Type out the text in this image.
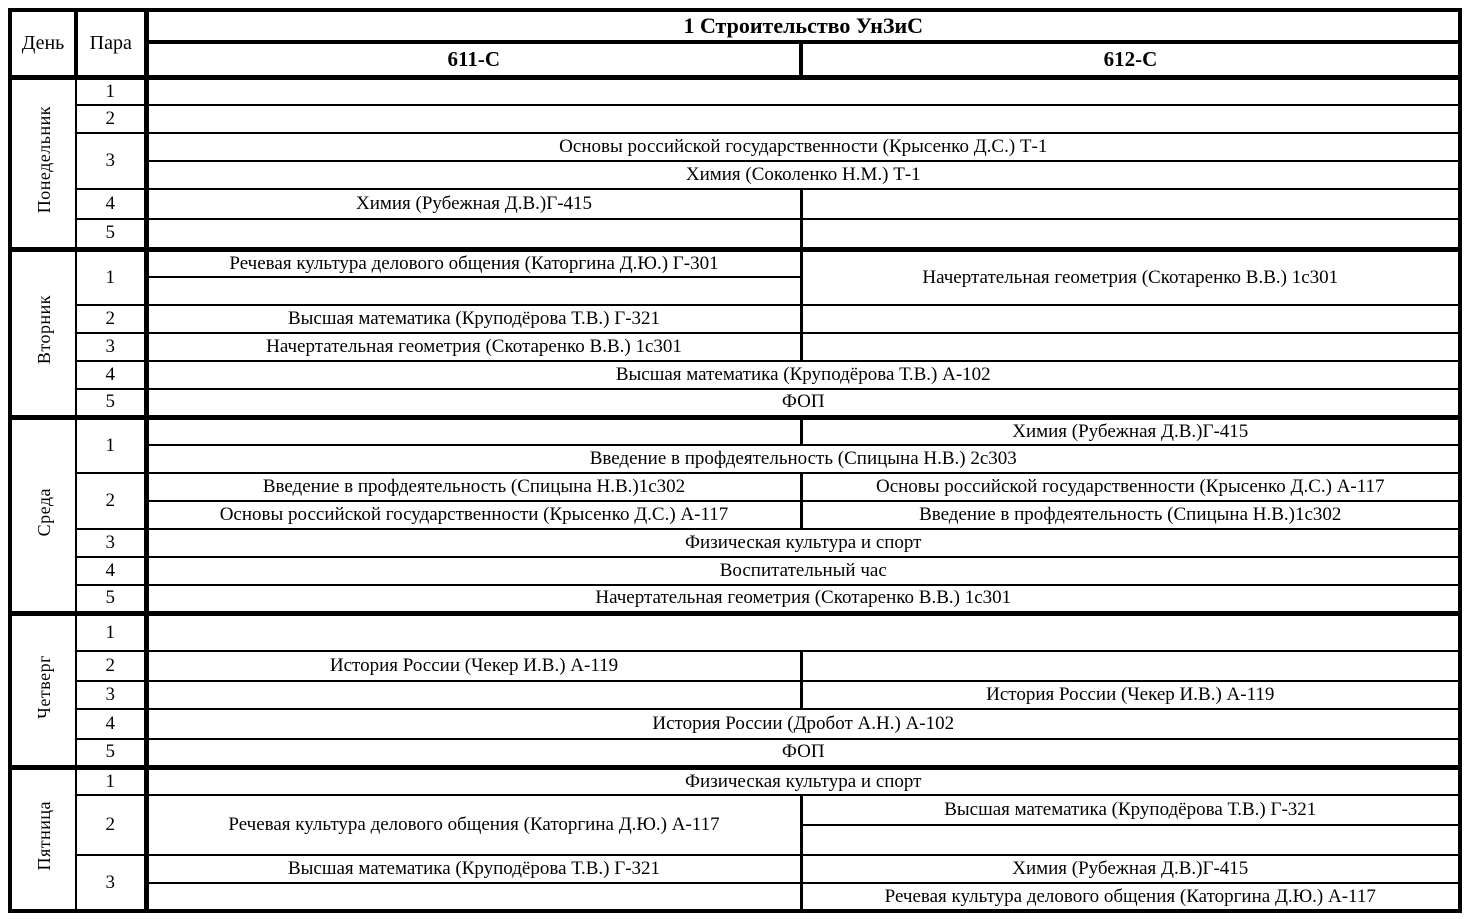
День	Пара	1 Строительство УнЗиС	
		611-С	612-С
Понедельник	1		
	2		
	3	Основы российской государственности (Крысенко Д.С.) Т-1	
		Химия (Соколенко Н.М.) Т-1	
	4	Химия (Рубежная Д.В.)Г-415	
	5		
Вторник	1	Речевая культура делового общения (Каторгина Д.Ю.) Г-301	Начертательная геометрия (Скотаренко В.В.) 1с301

	2	Высшая математика (Круподёрова Т.В.) Г-321	
	3	Начертательная геометрия (Скотаренко В.В.) 1с301	
	4	Высшая математика (Круподёрова Т.В.) А-102	
	5	ФОП	
Среда	1		Химия (Рубежная Д.В.)Г-415
		Введение в профдеятельность (Спицына Н.В.) 2с303	
	2	Введение в профдеятельность (Спицына Н.В.)1с302	Основы российской государственности (Крысенко Д.С.) А-117
		Основы российской государственности (Крысенко Д.С.) А-117	Введение в профдеятельность (Спицына Н.В.)1с302
	3	Физическая культура и спорт	
	4	Воспитательный час	
	5	Начертательная геометрия (Скотаренко В.В.) 1с301	
Четверг	1		
	2	История России (Чекер И.В.) А-119	
	3		История России (Чекер И.В.) А-119
	4	История России (Дробот А.Н.) А-102	
	5	ФОП	
Пятница	1	Физическая культура и спорт	
	2	Речевая культура делового общения (Каторгина Д.Ю.) А-117	Высшая математика (Круподёрова Т.В.) Г-321

	3	Высшая математика (Круподёрова Т.В.) Г-321	Химия (Рубежная Д.В.)Г-415
			Речевая культура делового общения (Каторгина Д.Ю.) А-117
